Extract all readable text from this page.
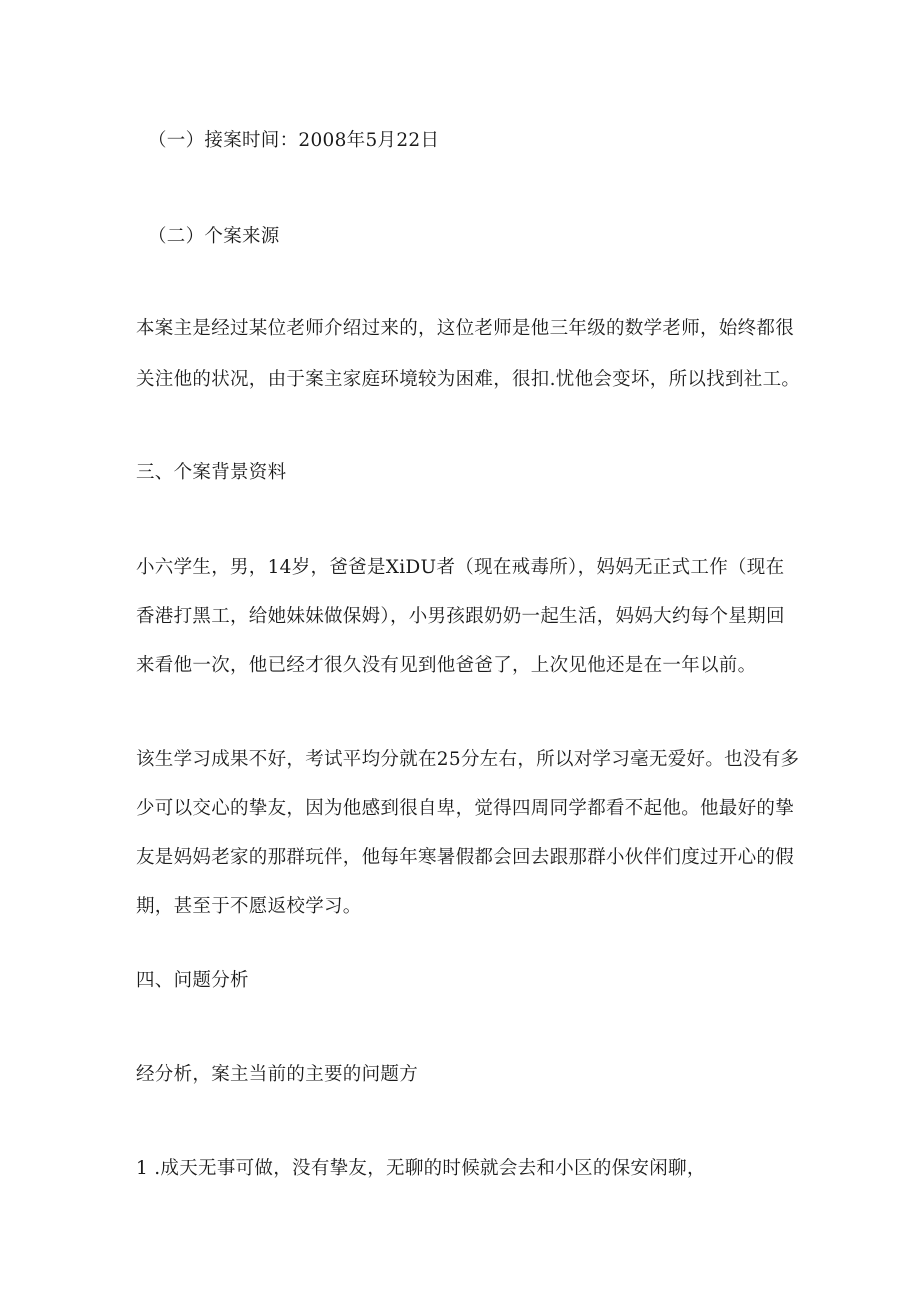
（一）接案时间：2008年5月22日
（二）个案来源
本案主是经过某位老师介绍过来的，这位老师是他三年级的数学老师，始终都很
关注他的状况，由于案主家庭环境较为困难，很扣.忧他会变坏，所以找到社工。
三、个案背景资料
小六学生，男，14岁，爸爸是XiDU者（现在戒毒所），妈妈无正式工作（现在
香港打黑工，给她妹妹做保姆），小男孩跟奶奶一起生活，妈妈大约每个星期回
来看他一次，他已经才很久没有见到他爸爸了，上次见他还是在一年以前。
该生学习成果不好，考试平均分就在25分左右，所以对学习毫无爱好。也没有多
少可以交心的挚友，因为他感到很自卑，觉得四周同学都看不起他。他最好的挚
友是妈妈老家的那群玩伴，他每年寒暑假都会回去跟那群小伙伴们度过开心的假
期，甚至于不愿返校学习。
四、问题分析
经分析，案主当前的主要的问题方
1 .成天无事可做，没有挚友，无聊的时候就会去和小区的保安闲聊，
